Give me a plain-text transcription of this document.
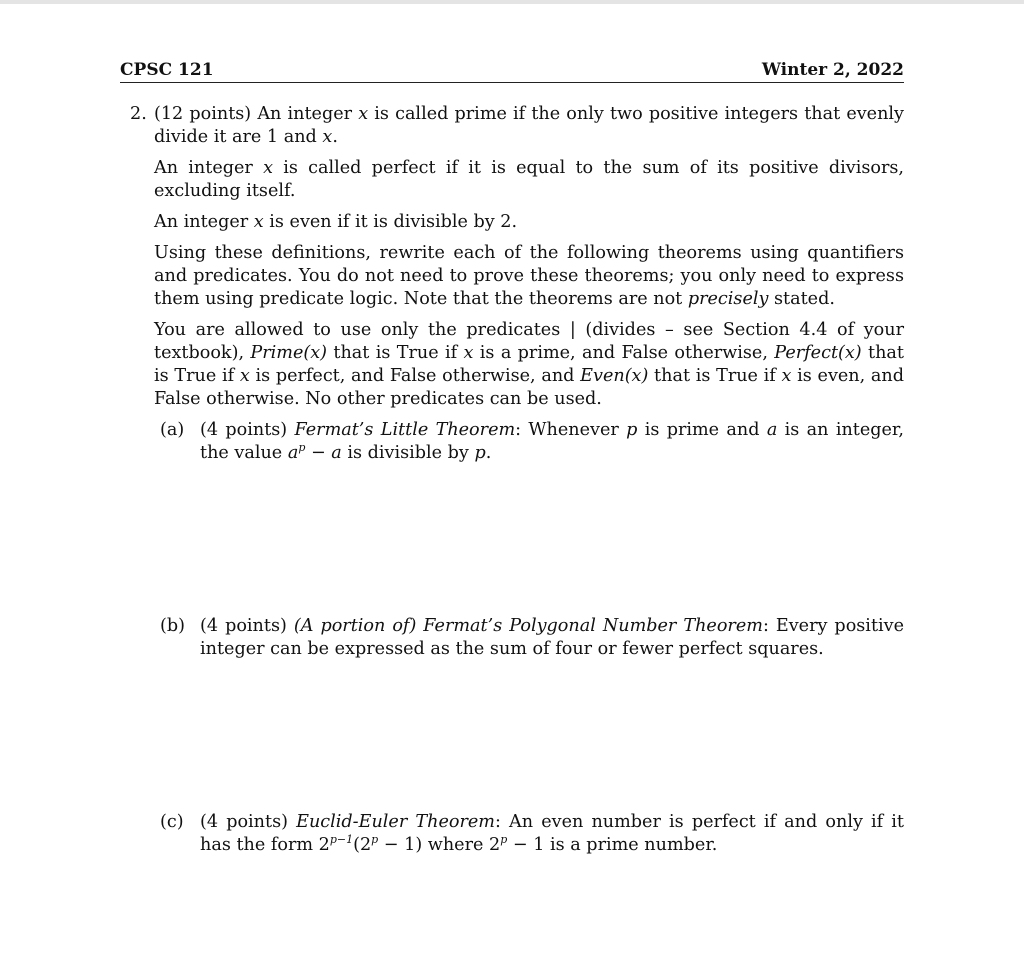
CPSC 121	Winter 2, 2022
2. (12 points) An integer x is called prime if the only two positive integers that evenly divide it are 1 and x.

An integer x is called perfect if it is equal to the sum of its positive divisors, excluding itself.

An integer x is even if it is divisible by 2.

Using these definitions, rewrite each of the following theorems using quantifiers and predicates. You do not need to prove these theorems; you only need to express them using predicate logic. Note that the theorems are not precisely stated.

You are allowed to use only the predicates | (divides – see Section 4.4 of your textbook), Prime(x) that is True if x is a prime, and False otherwise, Perfect(x) that is True if x is perfect, and False otherwise, and Even(x) that is True if x is even, and False otherwise. No other predicates can be used.

(a) (4 points) Fermat’s Little Theorem: Whenever p is prime and a is an integer, the value $a^p - a$ is divisible by p.
(b) (4 points) (A portion of) Fermat’s Polygonal Number Theorem: Every positive integer can be expressed as the sum of four or fewer perfect squares.
(c) (4 points) Euclid-Euler Theorem: An even number is perfect if and only if it has the form $2^{p-1}(2^p - 1)$ where $2^p - 1$ is a prime number.
